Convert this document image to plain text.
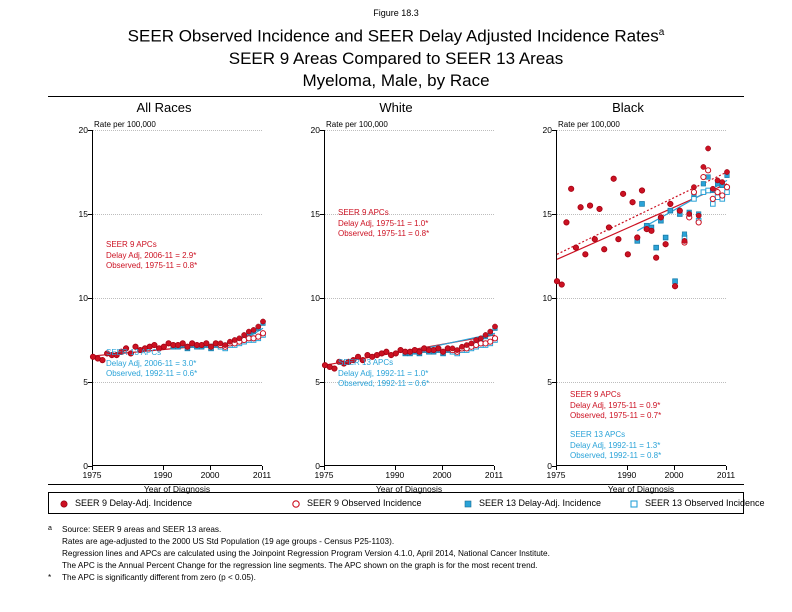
Figure 18.3
SEER Observed Incidence and SEER Delay Adjusted Incidence Rates$^a$
SEER 9 Areas Compared to SEER 13 Areas
Myeloma, Male, by Race
All Races
Rate per 100,000
0
5
10
15
20
1975	1990	2000	2011
Year of Diagnosis
SEER 9 APCs
Delay Adj, 2006-11 = 2.9*
Observed, 1975-11 = 0.8*
SEER 13 APCs
Delay Adj, 2006-11 = 3.0*
Observed, 1992-11 = 0.6*
White
Rate per 100,000
0
5
10
15
20
1975	1990	2000	2011
Year of Diagnosis
SEER 9 APCs
Delay Adj, 1975-11 = 1.0*
Observed, 1975-11 = 0.8*
SEER 13 APCs
Delay Adj, 1992-11 = 1.0*
Observed, 1992-11 = 0.6*
Black
Rate per 100,000
0
5
10
15
20
1975	1990	2000	2011
Year of Diagnosis
SEER 9 APCs
Delay Adj, 1975-11 = 0.9*
Observed, 1975-11 = 0.7*
SEER 13 APCs
Delay Adj, 1992-11 = 1.3*
Observed, 1992-11 = 0.8*
SEER 9 Delay-Adj. Incidence	SEER 9 Observed Incidence	SEER 13 Delay-Adj. Incidence	SEER 13 Observed Incidence
a Source: SEER 9 areas and SEER 13 areas.
Rates are age-adjusted to the 2000 US Std Population (19 age groups - Census P25-1103).
Regression lines and APCs are calculated using the Joinpoint Regression Program Version 4.1.0, April 2014, National Cancer Institute.
The APC is the Annual Percent Change for the regression line segments. The APC shown on the graph is for the most recent trend.
* The APC is significantly different from zero (p < 0.05).
